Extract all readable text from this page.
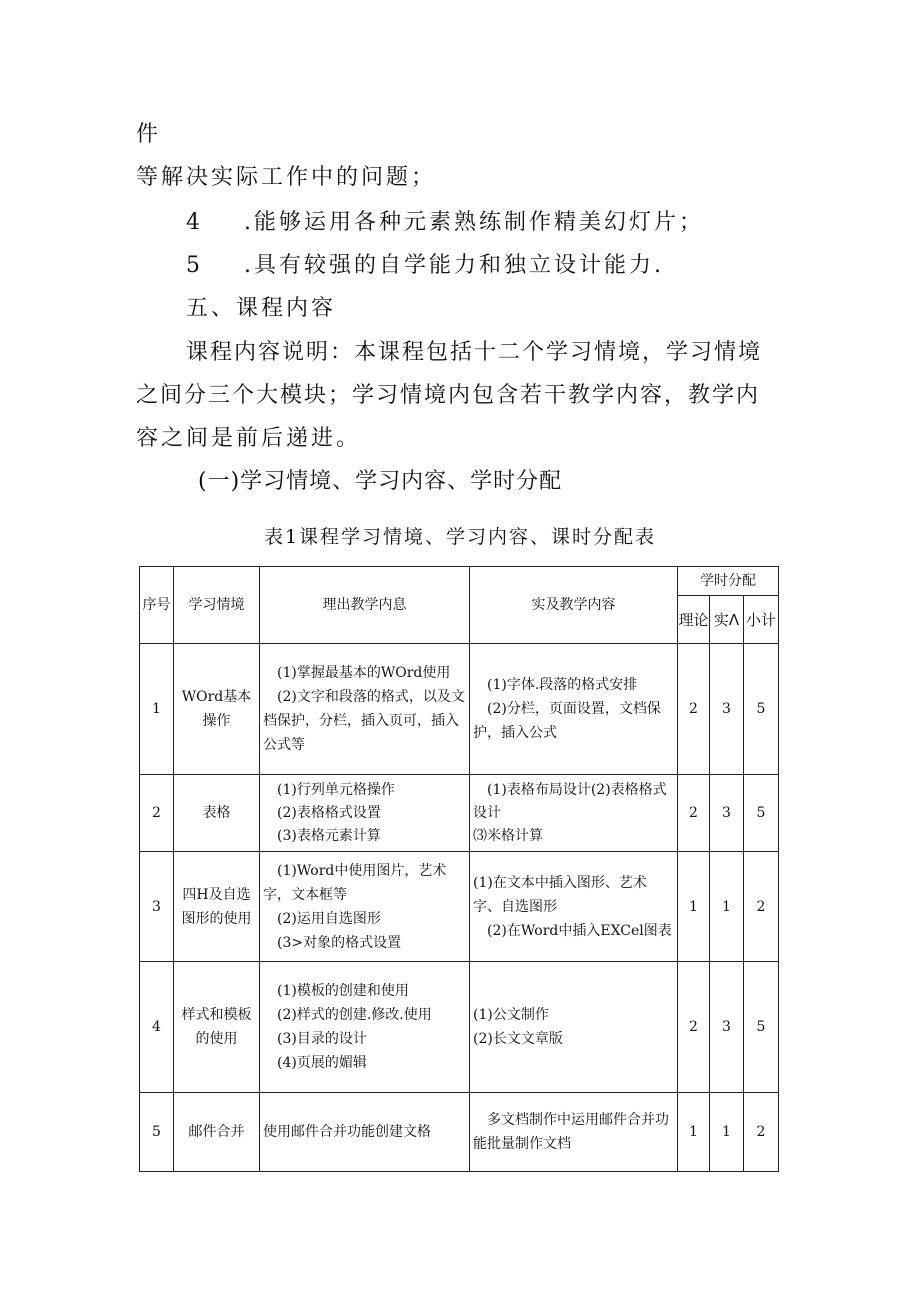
件
等解决实际工作中的问题；
4 .能够运用各种元素熟练制作精美幻灯片；
5 .具有较强的自学能力和独立设计能力.
五、课程内容
课程内容说明：本课程包括十二个学习情境，学习情境
之间分三个大模块；学习情境内包含若干教学内容，教学内
容之间是前后递进。
(一)学习情境、学习内容、学时分配
表1课程学习情境、学习内容、课时分配表
序号	学习情境	理出教学内息	实及教学内容	学时分配		
				理论	实Λ	小计
1	WOrd基本操作	(1)掌握最基本的WOrd使用
(2)文字和段落的格式，以及文档保护，分栏，插入页可，插入公式等	(1)字体.段落的格式安排
(2)分栏，页面设置，文档保护，插入公式	2	3	5
2	表格	(1)行列单元格操作
(2)表格格式设置
(3)表格元素计算	(1)表格布局设计(2)表格格式设计
⑶米格计算	2	3	5
3	四H及自选图形的使用	(1)Word中使用图片，艺术字，文本框等
(2)运用自选图形
(3>对象的格式设置	(1)在文本中插入图形、艺术字、自选图形
(2)在Word中插入EXCel图表	1	1	2
4	样式和模板的使用	(1)模板的创建和使用
(2)样式的创建.修改.使用
(3)目录的设计
(4)页展的媚辑	(1)公文制作
(2)长文文章版	2	3	5
5	邮件合并	使用邮件合并功能创建文格	多文档制作中运用邮件合并功能批量制作文档	1	1	2
